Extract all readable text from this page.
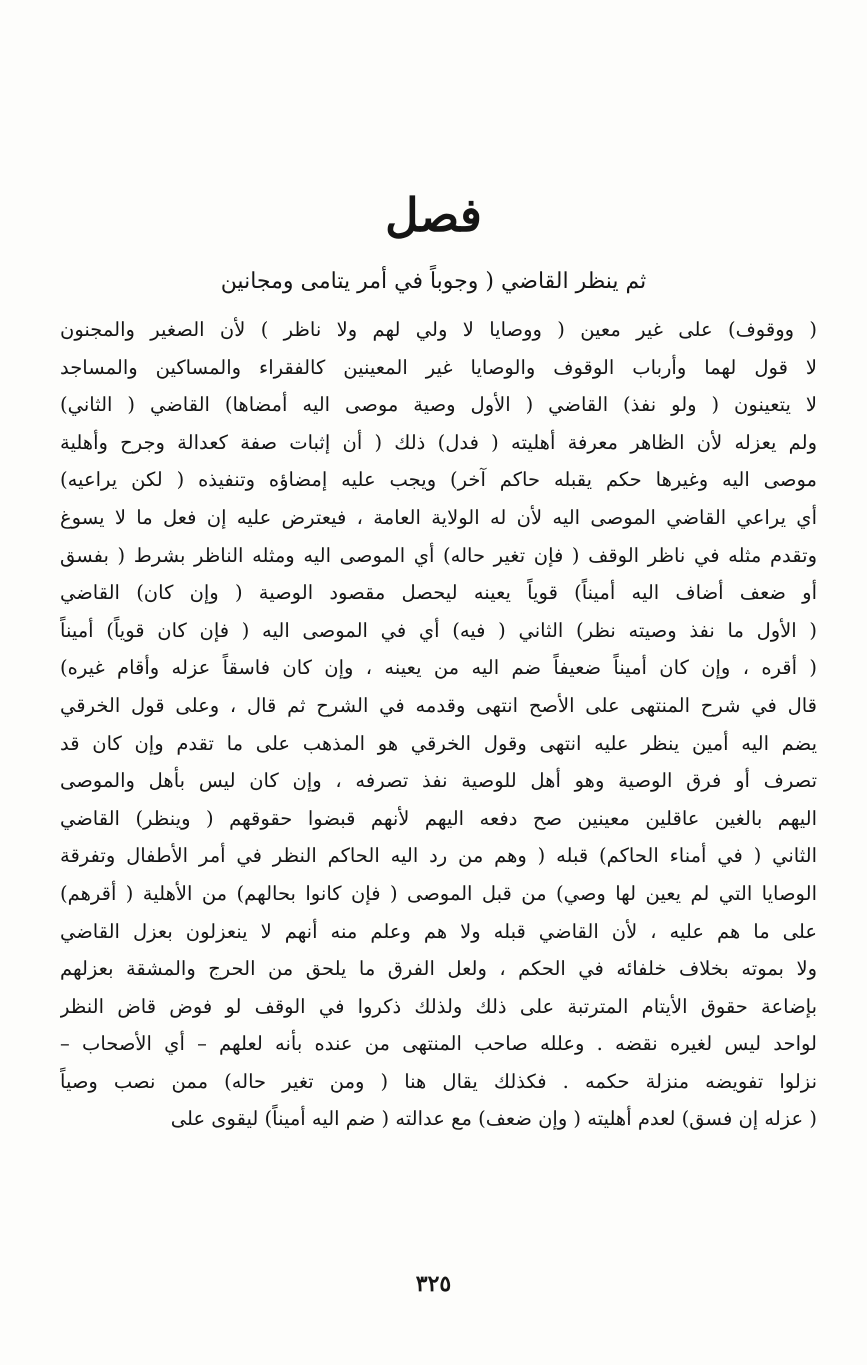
فصل
ثم ينظر القاضي ( وجوباً في أمر يتامى ومجانين
( ووقوف) على غير معين ( ووصايا لا ولي لهم ولا ناظر ) لأن الصغير والمجنون
لا قول لهما وأرباب الوقوف والوصايا غير المعينين كالفقراء والمساكين والمساجد
لا يتعينون ( ولو نفذ) القاضي ( الأول وصية موصى اليه أمضاها) القاضي ( الثاني)
ولم يعزله لأن الظاهر معرفة أهليته ( فدل) ذلك ( أن إثبات صفة كعدالة وجرح وأهلية
موصى اليه وغيرها حكم يقبله حاكم آخر) ويجب عليه إمضاؤه وتنفيذه ( لكن يراعيه)
أي يراعي القاضي الموصى اليه لأن له الولاية العامة ، فيعترض عليه إن فعل ما لا يسوغ
وتقدم مثله في ناظر الوقف ( فإن تغير حاله) أي الموصى اليه ومثله الناظر بشرط ( بفسق
أو ضعف أضاف اليه أميناً) قوياً يعينه ليحصل مقصود الوصية ( وإن كان) القاضي
( الأول ما نفذ وصيته نظر) الثاني ( فيه) أي في الموصى اليه ( فإن كان قوياً) أميناً
( أقره ، وإن كان أميناً ضعيفاً ضم اليه من يعينه ، وإن كان فاسقاً عزله وأقام غيره)
قال في شرح المنتهى على الأصح انتهى وقدمه في الشرح ثم قال ، وعلى قول الخرقي
يضم اليه أمين ينظر عليه انتهى وقول الخرقي هو المذهب على ما تقدم وإن كان قد
تصرف أو فرق الوصية وهو أهل للوصية نفذ تصرفه ، وإن كان ليس بأهل والموصى
اليهم بالغين عاقلين معينين صح دفعه اليهم لأنهم قبضوا حقوقهم ( وينظر) القاضي
الثاني ( في أمناء الحاكم) قبله ( وهم من رد اليه الحاكم النظر في أمر الأطفال وتفرقة
الوصايا التي لم يعين لها وصي) من قبل الموصى ( فإن كانوا بحالهم) من الأهلية ( أقرهم)
على ما هم عليه ، لأن القاضي قبله ولا هم وعلم منه أنهم لا ينعزلون بعزل القاضي
ولا بموته بخلاف خلفائه في الحكم ، ولعل الفرق ما يلحق من الحرج والمشقة بعزلهم
بإضاعة حقوق الأيتام المترتبة على ذلك ولذلك ذكروا في الوقف لو فوض قاض النظر
لواحد ليس لغيره نقضه . وعلله صاحب المنتهى من عنده بأنه لعلهم – أي الأصحاب –
نزلوا تفويضه منزلة حكمه . فكذلك يقال هنا ( ومن تغير حاله) ممن نصب وصياً
( عزله إن فسق) لعدم أهليته ( وإن ضعف) مع عدالته ( ضم اليه أميناً) ليقوى على
٣٢٥
